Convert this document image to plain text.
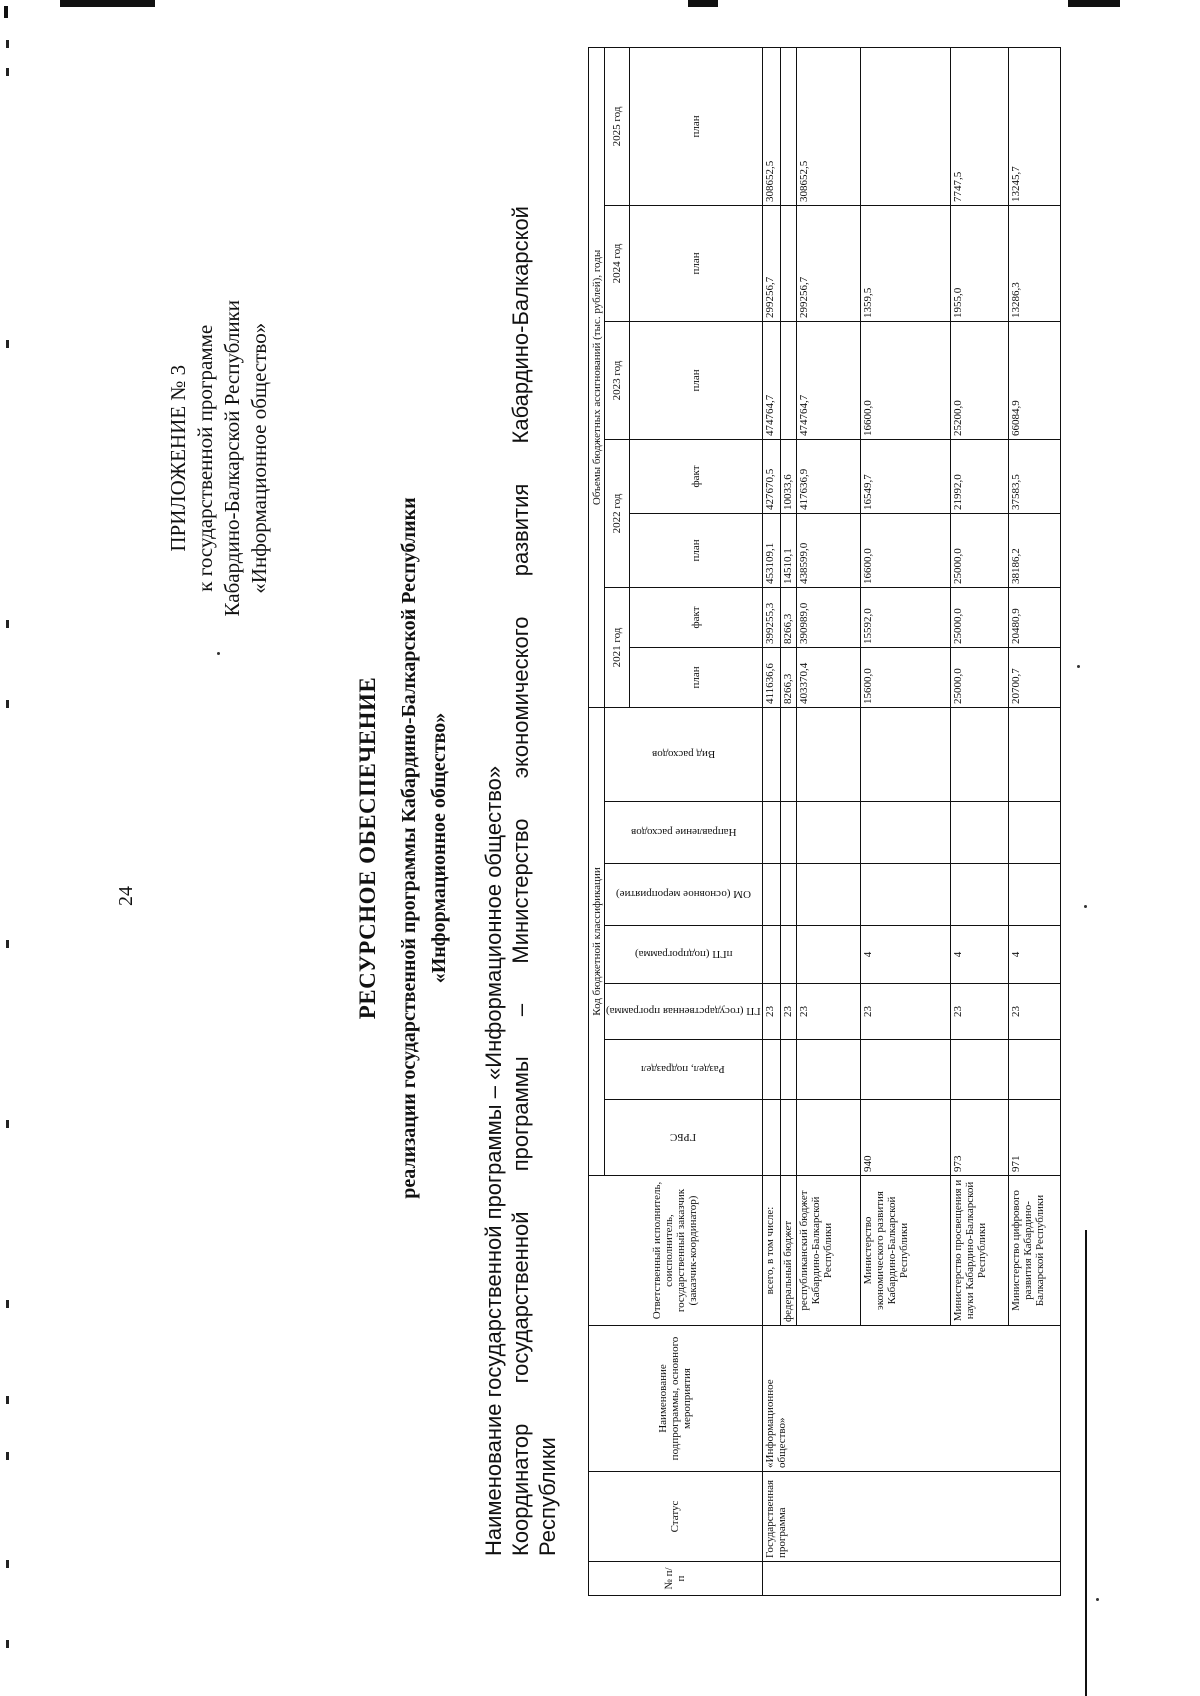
24
ПРИЛОЖЕНИЕ № 3 к государственной программе Кабардино-Балкарской Республики «Информационное общество»
РЕСУРСНОЕ ОБЕСПЕЧЕНИЕ реализации государственной программы Кабардино-Балкарской Республики «Информационное общество» Наименование государственной программы – «Информационное общество» Координатор
государственной
программы
–
Министерство
экономического
развития
Кабардино-Балкарской
Республики
№ п/п	Статус	Наименование подпрограммы, основного мероприятия	Ответственный исполнитель, соисполнитель, государственный заказчик (заказчик-координатор)	Код бюджетной классификации							Объемы бюджетных ассигнований (тыс. рублей), годы						

				ГРБС	Раздел, подраздел	ГП (государственная программа)	пГП (подпрограмма)	ОМ (основное мероприятие)	Направление расходов	Вид расходов	2021 год		2022 год		2023 год	2024 год	2025 год
											план	факт	план	факт	план	план	план
	Государственная программа	«Информационное общество»	всего, в том числе:			23					411636,6	399255,3	453109,1	427670,5	474764,7	299256,7	308652,5
			федеральный бюджет			23					8266,3	8266,3	14510,1	10033,6			
			республиканский бюджет Кабардино-Балкарской Республики			23					403370,4	390989,0	438599,0	417636,9	474764,7	299256,7	308652,5
			Министерство экономического развития Кабардино-Балкарской Республики	940		23	4				15600,0	15592,0	16600,0	16549,7	16600,0	1359,5	
			Министерство просвещения и науки Кабардино-Балкарской Республики	973		23	4				25000,0	25000,0	25000,0	21992,0	25200,0	1955,0	7747,5
			Министерство цифрового развития Кабардино-Балкарской Республики	971		23	4				20700,7	20480,9	38186,2	37583,5	66084,9	13286,3	13245,7
